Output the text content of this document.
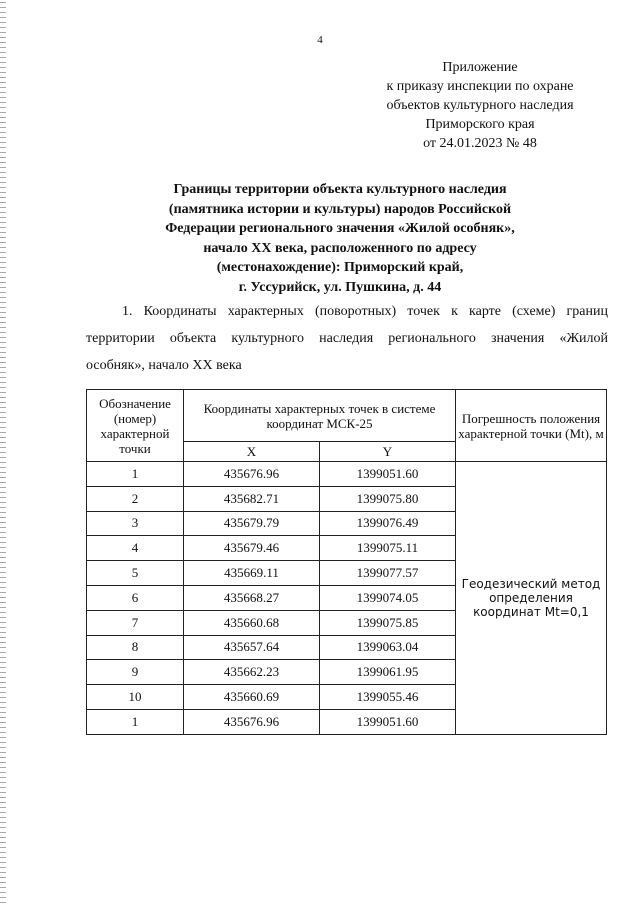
4
Приложение
к приказу инспекции по охране
объектов культурного наследия
Приморского края
от 24.01.2023 № 48
Границы территории объекта культурного наследия
(памятника истории и культуры) народов Российской
Федерации регионального значения «Жилой особняк»,
начало XX века, расположенного по адресу
(местонахождение): Приморский край,
г. Уссурийск, ул. Пушкина, д. 44
1. Координаты характерных (поворотных) точек к карте (схеме) границ
территории объекта культурного наследия регионального значения «Жилой
особняк», начало XX века
Обозначение (номер) характерной точки	Координаты характерных точек в системе координат МСК-25		Погрешность положения характерной точки (Mt), м
	X	Y	
1	435676.96	1399051.60	Геодезический метод определения координат Mt=0,1
2	435682.71	1399075.80	
3	435679.79	1399076.49	
4	435679.46	1399075.11	
5	435669.11	1399077.57	
6	435668.27	1399074.05	
7	435660.68	1399075.85	
8	435657.64	1399063.04	
9	435662.23	1399061.95	
10	435660.69	1399055.46	
1	435676.96	1399051.60	
